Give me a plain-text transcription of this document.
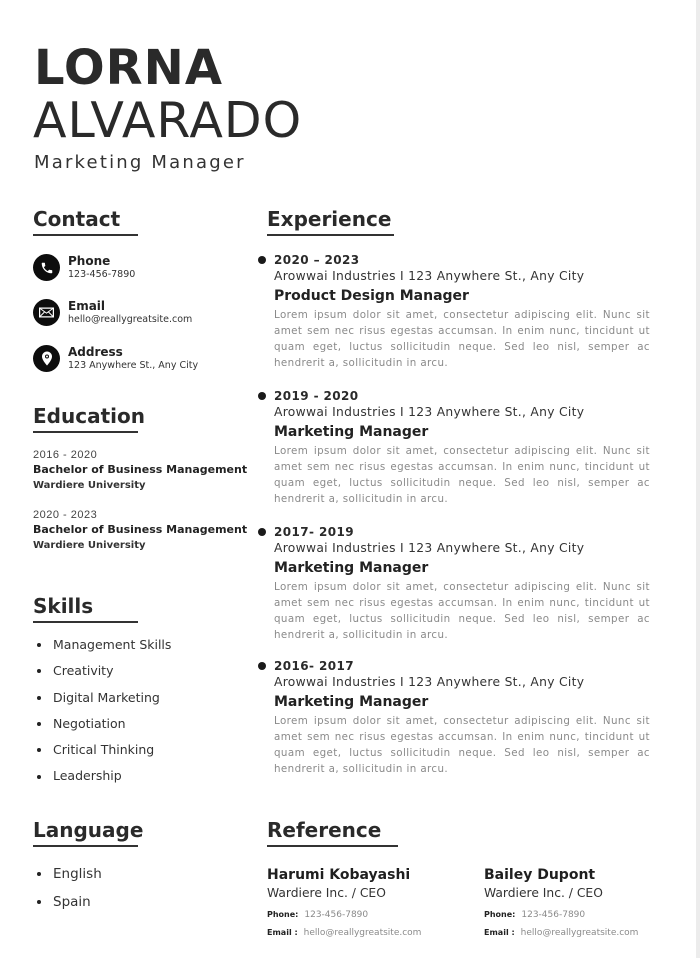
LORNA
ALVARADO
Marketing Manager
Contact
Phone
123-456-7890
Email
hello@reallygreatsite.com
Address
123 Anywhere St., Any City
Education
2016 - 2020
Bachelor of Business Management
Wardiere University
2020 - 2023
Bachelor of Business Management
Wardiere University
Skills
Management Skills
Creativity
Digital Marketing
Negotiation
Critical Thinking
Leadership
Language
English
Spain
Experience
2020 – 2023
Arowwai Industries I 123 Anywhere St., Any City
Product Design Manager
Lorem ipsum dolor sit amet, consectetur adipiscing elit. Nunc sit amet sem nec risus egestas accumsan. In enim nunc, tincidunt ut quam eget, luctus sollicitudin neque. Sed leo nisl, semper ac hendrerit a, sollicitudin in arcu.
2019 - 2020
Arowwai Industries I 123 Anywhere St., Any City
Marketing Manager
Lorem ipsum dolor sit amet, consectetur adipiscing elit. Nunc sit amet sem nec risus egestas accumsan. In enim nunc, tincidunt ut quam eget, luctus sollicitudin neque. Sed leo nisl, semper ac hendrerit a, sollicitudin in arcu.
2017- 2019
Arowwai Industries I 123 Anywhere St., Any City
Marketing Manager
Lorem ipsum dolor sit amet, consectetur adipiscing elit. Nunc sit amet sem nec risus egestas accumsan. In enim nunc, tincidunt ut quam eget, luctus sollicitudin neque. Sed leo nisl, semper ac hendrerit a, sollicitudin in arcu.
2016- 2017
Arowwai Industries I 123 Anywhere St., Any City
Marketing Manager
Lorem ipsum dolor sit amet, consectetur adipiscing elit. Nunc sit amet sem nec risus egestas accumsan. In enim nunc, tincidunt ut quam eget, luctus sollicitudin neque. Sed leo nisl, semper ac hendrerit a, sollicitudin in arcu.
Reference
Harumi Kobayashi
Wardiere Inc. / CEO
Phone: 123-456-7890
Email : hello@reallygreatsite.com
Bailey Dupont
Wardiere Inc. / CEO
Phone: 123-456-7890
Email : hello@reallygreatsite.com
